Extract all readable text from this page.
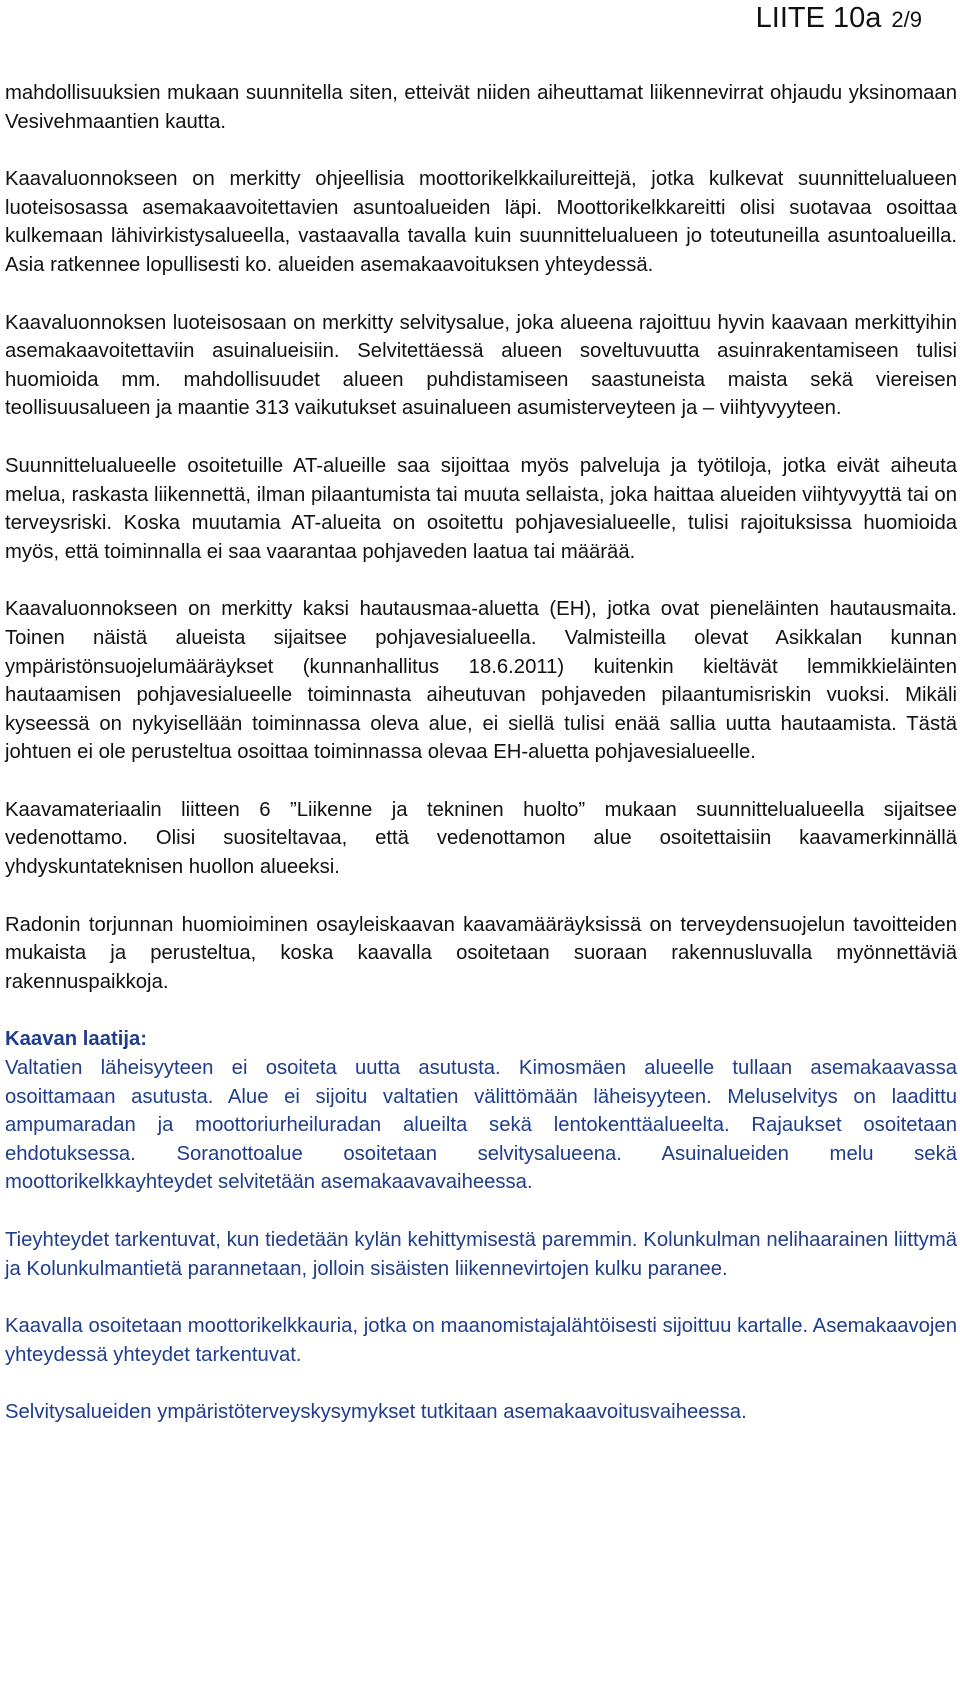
LIITE 10a 2/9

mahdollisuuksien mukaan suunnitella siten, etteivät niiden aiheuttamat liikennevirrat ohjaudu yksinomaan Vesivehmaantien kautta.

Kaavaluonnokseen on merkitty ohjeellisia moottorikelkkailureittejä, jotka kulkevat suunnittelualueen luoteisosassa asemakaavoitettavien asuntoalueiden läpi. Moottorikelkkareitti olisi suotavaa osoittaa kulkemaan lähivirkistysalueella, vastaavalla tavalla kuin suunnittelualueen jo toteutuneilla asuntoalueilla. Asia ratkennee lopullisesti ko. alueiden asemakaavoituksen yhteydessä.

Kaavaluonnoksen luoteisosaan on merkitty selvitysalue, joka alueena rajoittuu hyvin kaavaan merkittyihin asemakaavoitettaviin asuinalueisiin. Selvitettäessä alueen soveltuvuutta asuinrakentamiseen tulisi huomioida mm. mahdollisuudet alueen puhdistamiseen saastuneista maista sekä viereisen teollisuusalueen ja maantie 313 vaikutukset asuinalueen asumisterveyteen ja – viihtyvyyteen.

Suunnittelualueelle osoitetuille AT-alueille saa sijoittaa myös palveluja ja työtiloja, jotka eivät aiheuta melua, raskasta liikennettä, ilman pilaantumista tai muuta sellaista, joka haittaa alueiden viihtyvyyttä tai on terveysriski. Koska muutamia AT-alueita on osoitettu pohjavesialueelle, tulisi rajoituksissa huomioida myös, että toiminnalla ei saa vaarantaa pohjaveden laatua tai määrää.

Kaavaluonnokseen on merkitty kaksi hautausmaa-aluetta (EH), jotka ovat pieneläinten hautausmaita. Toinen näistä alueista sijaitsee pohjavesialueella. Valmisteilla olevat Asikkalan kunnan ympäristönsuojelumääräykset (kunnanhallitus 18.6.2011) kuitenkin kieltävät lemmikkieläinten hautaamisen pohjavesialueelle toiminnasta aiheutuvan pohjaveden pilaantumisriskin vuoksi. Mikäli kyseessä on nykyisellään toiminnassa oleva alue, ei siellä tulisi enää sallia uutta hautaamista. Tästä johtuen ei ole perusteltua osoittaa toiminnassa olevaa EH-aluetta pohjavesialueelle.

Kaavamateriaalin liitteen 6 ”Liikenne ja tekninen huolto” mukaan suunnittelualueella sijaitsee vedenottamo. Olisi suositeltavaa, että vedenottamon alue osoitettaisiin kaavamerkinnällä yhdyskuntateknisen huollon alueeksi.

Radonin torjunnan huomioiminen osayleiskaavan kaavamääräyksissä on terveydensuojelun tavoitteiden mukaista ja perusteltua, koska kaavalla osoitetaan suoraan rakennusluvalla myönnettäviä rakennuspaikkoja.

Kaavan laatija:

Valtatien läheisyyteen ei osoiteta uutta asutusta. Kimosmäen alueelle tullaan asemakaavassa osoittamaan asutusta. Alue ei sijoitu valtatien välittömään läheisyyteen. Meluselvitys on laadittu ampumaradan ja moottoriurheiluradan alueilta sekä lentokenttäalueelta. Rajaukset osoitetaan ehdotuksessa. Soranottoalue osoitetaan selvitysalueena. Asuinalueiden melu sekä moottorikelkkayhteydet selvitetään asemakaavavaiheessa.

Tieyhteydet tarkentuvat, kun tiedetään kylän kehittymisestä paremmin. Kolunkulman nelihaarainen liittymä ja Kolunkulmantietä parannetaan, jolloin sisäisten liikennevirtojen kulku paranee.

Kaavalla osoitetaan moottorikelkkauria, jotka on maanomistajalähtöisesti sijoittuu kartalle. Asemakaavojen yhteydessä yhteydet tarkentuvat.

Selvitysalueiden ympäristöterveyskysymykset tutkitaan asemakaavoitusvaiheessa.
